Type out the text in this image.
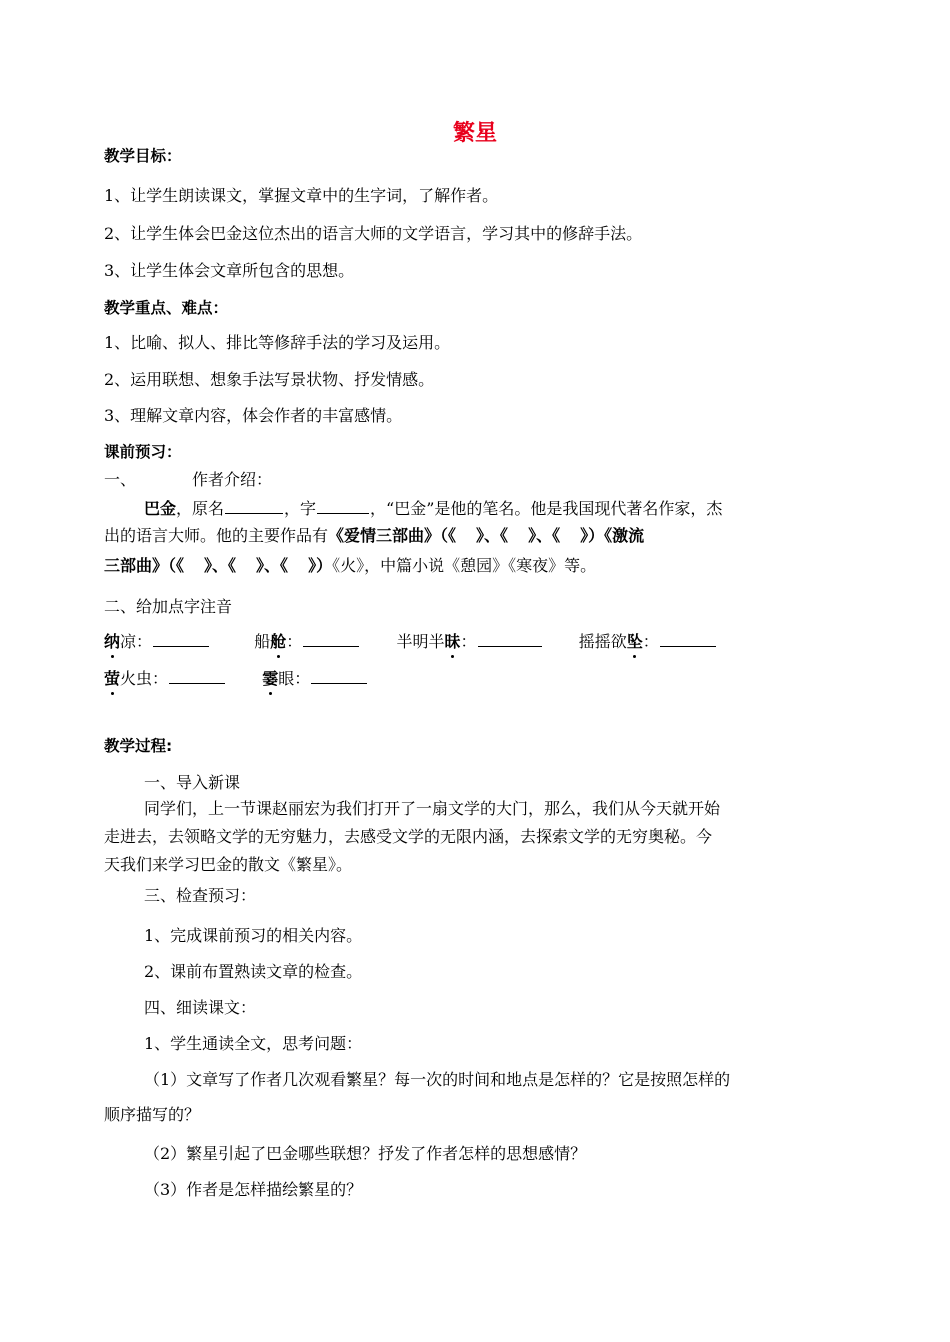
繁星
教学目标：
1、让学生朗读课文，掌握文章中的生字词，了解作者。
2、让学生体会巴金这位杰出的语言大师的文学语言，学习其中的修辞手法。
3、让学生体会文章所包含的思想。
教学重点、难点：
1、比喻、拟人、排比等修辞手法的学习及运用。
2、运用联想、想象手法写景状物、抒发情感。
3、理解文章内容，体会作者的丰富感情。
课前预习：
一、	作者介绍：
巴金，原名	，字	，“巴金”是他的笔名。他是我国现代著名作家，杰
出的语言大师。他的主要作品有《爱情三部曲》（《 》、《 》、《 》）《激流
三部曲》（《 》、《 》、《 》）《火》，中篇小说《憩园》《寒夜》等。
二、给加点字注音
纳凉：	船舱：	半明半昧：	摇摇欲坠：
萤火虫：	霎眼：
教学过程:
一、导入新课
同学们，上一节课赵丽宏为我们打开了一扇文学的大门，那么，我们从今天就开始
走进去，去领略文学的无穷魅力，去感受文学的无限内涵，去探索文学的无穷奥秘。今
天我们来学习巴金的散文《繁星》。
三、检查预习：
1、完成课前预习的相关内容。
2、课前布置熟读文章的检查。
四、细读课文：
1、学生通读全文，思考问题：
（1）文章写了作者几次观看繁星？每一次的时间和地点是怎样的？它是按照怎样的
顺序描写的？
（2）繁星引起了巴金哪些联想？抒发了作者怎样的思想感情？
（3）作者是怎样描绘繁星的？
